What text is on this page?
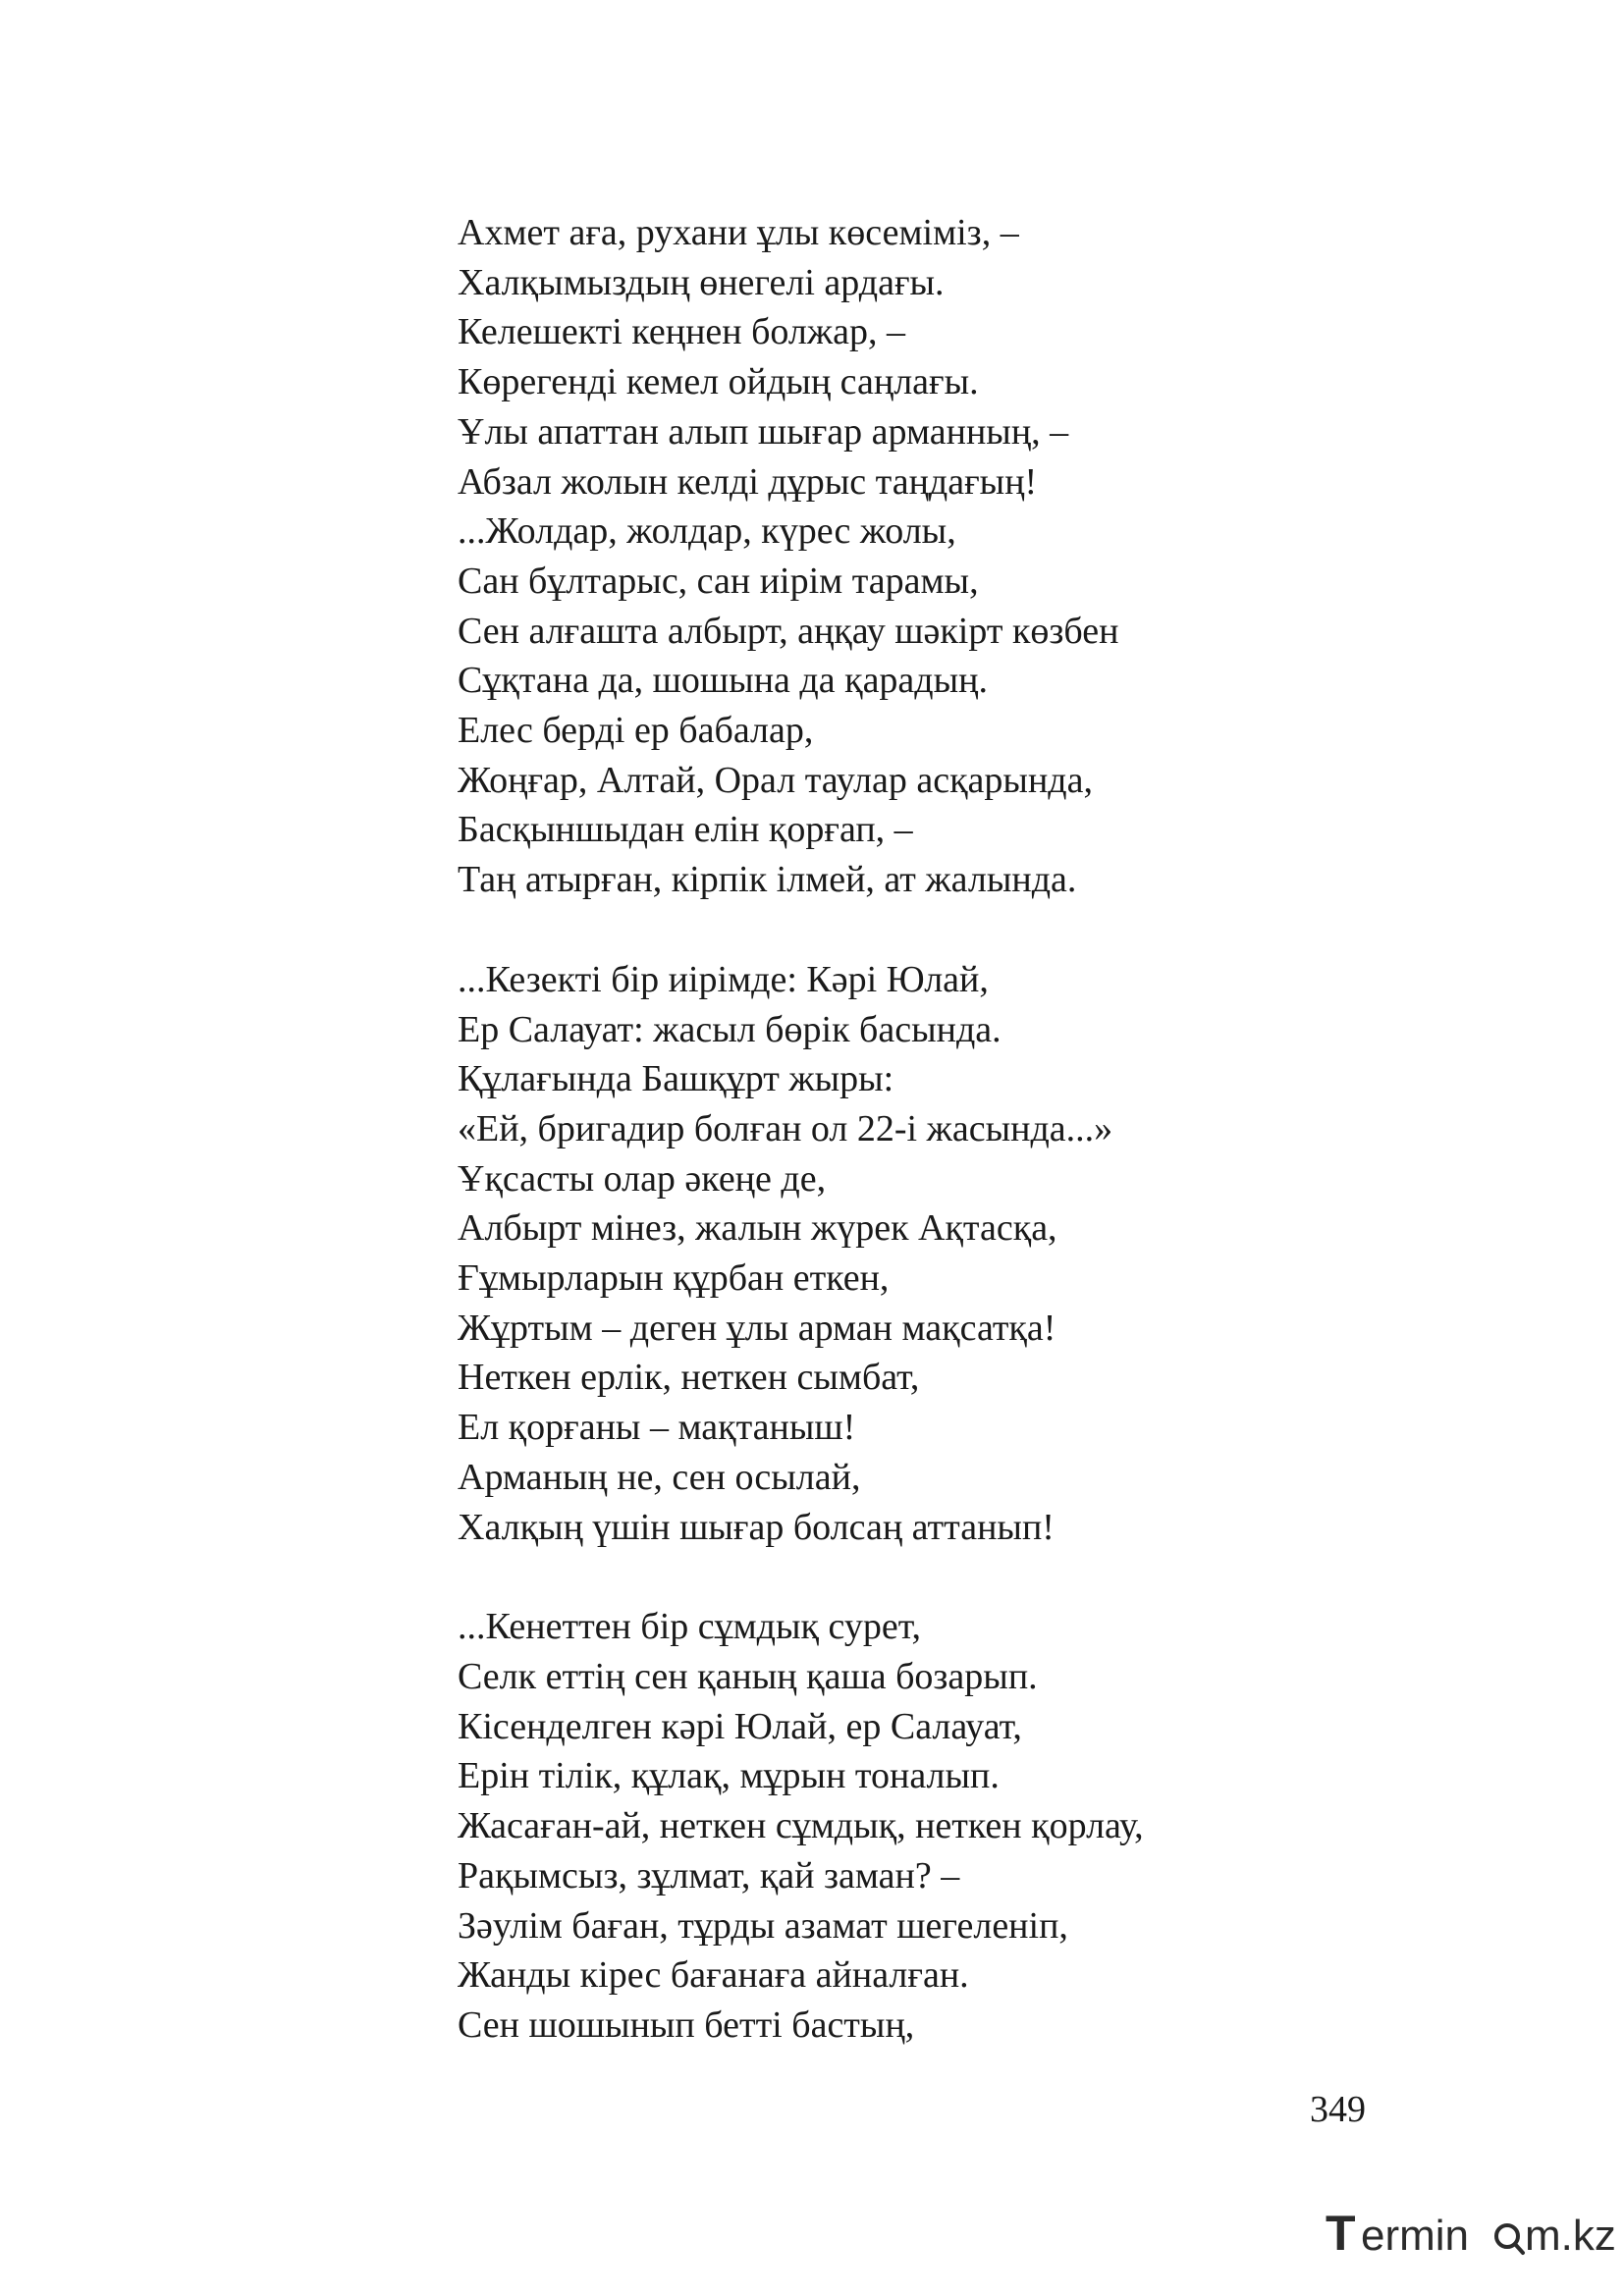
Ахмет аға, рухани ұлы көсеміміз, –
Халқымыздың өнегелі ардағы.
Келешекті кеңнен болжар, –
Көрегенді кемел ойдың саңлағы.
Ұлы апаттан алып шығар арманның, –
Абзал жолын келді дұрыс таңдағың!
...Жолдар, жолдар, күрес жолы,
Сан бұлтарыс, сан иірім тарамы,
Сен алғашта албырт, аңқау шәкірт көзбен
Сұқтана да, шошына да қарадың.
Елес берді ер бабалар,
Жоңғар, Алтай, Орал таулар асқарында,
Басқыншыдан елін қорғап, –
Таң атырған, кірпік ілмей, ат жалында.
...Кезекті бір иірімде: Кәрі Юлай,
Ер Салауат: жасыл бөрік басында.
Құлағында Башқұрт жыры:
«Ей, бригадир болған ол 22-і жасында...»
Ұқсасты олар әкеңе де,
Албырт мінез, жалын жүрек Ақтасқа,
Ғұмырларын құрбан еткен,
Жұртым – деген ұлы арман мақсатқа!
Неткен ерлік, неткен сымбат,
Ел қорғаны – мақтаныш!
Арманың не, сен осылай,
Халқың үшін шығар болсаң аттанып!
...Кенеттен бір сұмдық сурет,
Селк еттің сен қаның қаша бозарып.
Кісенделген кәрі Юлай, ер Салауат,
Ерін тілік, құлақ, мұрын тоналып.
Жасаған-ай, неткен сұмдық, неткен қорлау,
Рақымсыз, зұлмат, қай заман? –
Зәулім баған, тұрды азамат шегеленіп,
Жанды кірес бағанаға айналған.
Сен шошынып бетті бастың,
349
T ermin m.kz
